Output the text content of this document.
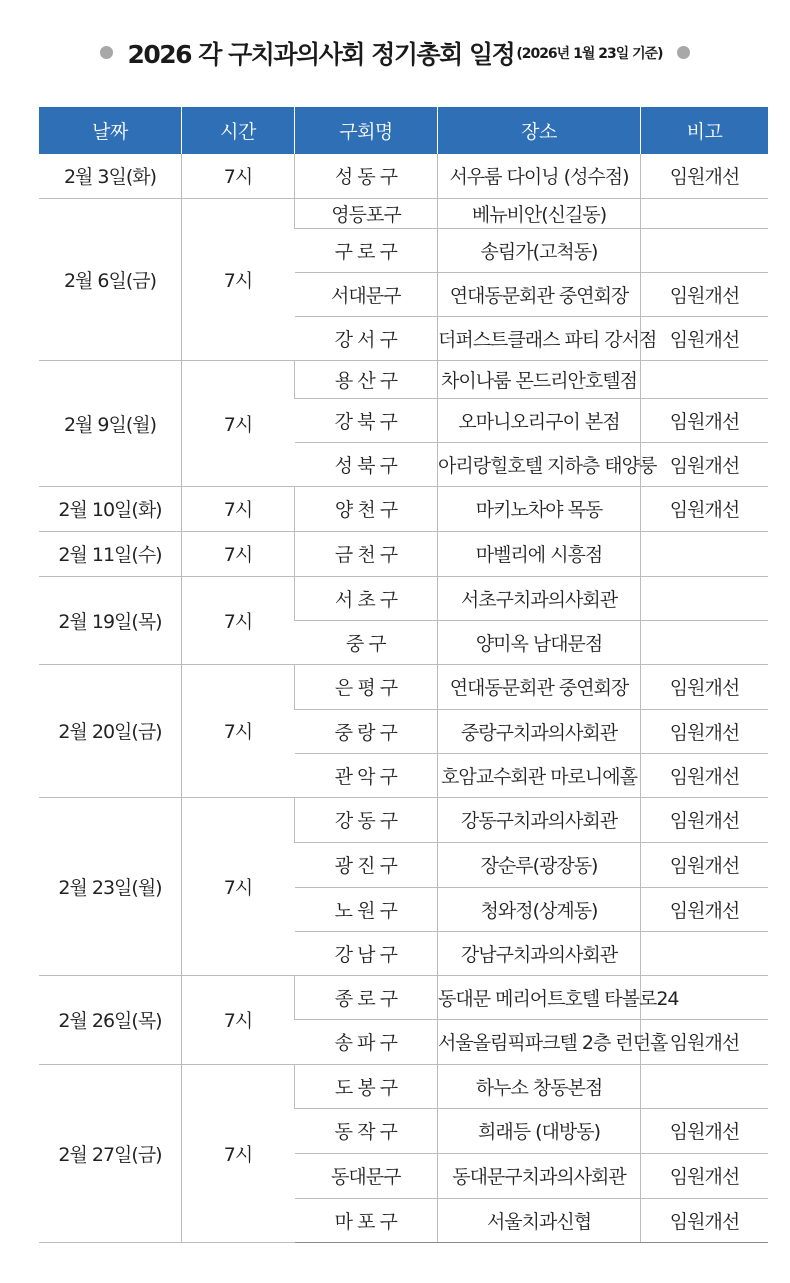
2026 각 구치과의사회 정기총회 일정 (2026년 1월 23일 기준)
날짜	시간	구회명	장소	비고
2월 3일(화)	7시	성 동 구	서우룸 다이닝 (성수점)	임원개선
2월 6일(금)	7시	영등포구	베뉴비안(신길동)	
		구 로 구	송림가(고척동)	
		서대문구	연대동문회관 중연회장	임원개선
		강 서 구	더퍼스트클래스 파티 강서점	임원개선
2월 9일(월)	7시	용 산 구	차이나룸 몬드리안호텔점	
		강 북 구	오마니오리구이 본점	임원개선
		성 북 구	아리랑힐호텔 지하층 태양룽	임원개선
2월 10일(화)	7시	양 천 구	마키노차야 목동	임원개선
2월 11일(수)	7시	금 천 구	마벨리에 시흥점	
2월 19일(목)	7시	서 초 구	서초구치과의사회관	
		중 구	양미옥 남대문점	
2월 20일(금)	7시	은 평 구	연대동문회관 중연회장	임원개선
		중 랑 구	중랑구치과의사회관	임원개선
		관 악 구	호암교수회관 마로니에홀	임원개선
2월 23일(월)	7시	강 동 구	강동구치과의사회관	임원개선
		광 진 구	장순루(광장동)	임원개선
		노 원 구	청와정(상계동)	임원개선
		강 남 구	강남구치과의사회관	
2월 26일(목)	7시	종 로 구	동대문 메리어트호텔 타볼로24	
		송 파 구	서울올림픽파크텔 2층 런던홀	임원개선
2월 27일(금)	7시	도 봉 구	하누소 창동본점	
		동 작 구	희래등 (대방동)	임원개선
		동대문구	동대문구치과의사회관	임원개선
		마 포 구	서울치과신협	임원개선
